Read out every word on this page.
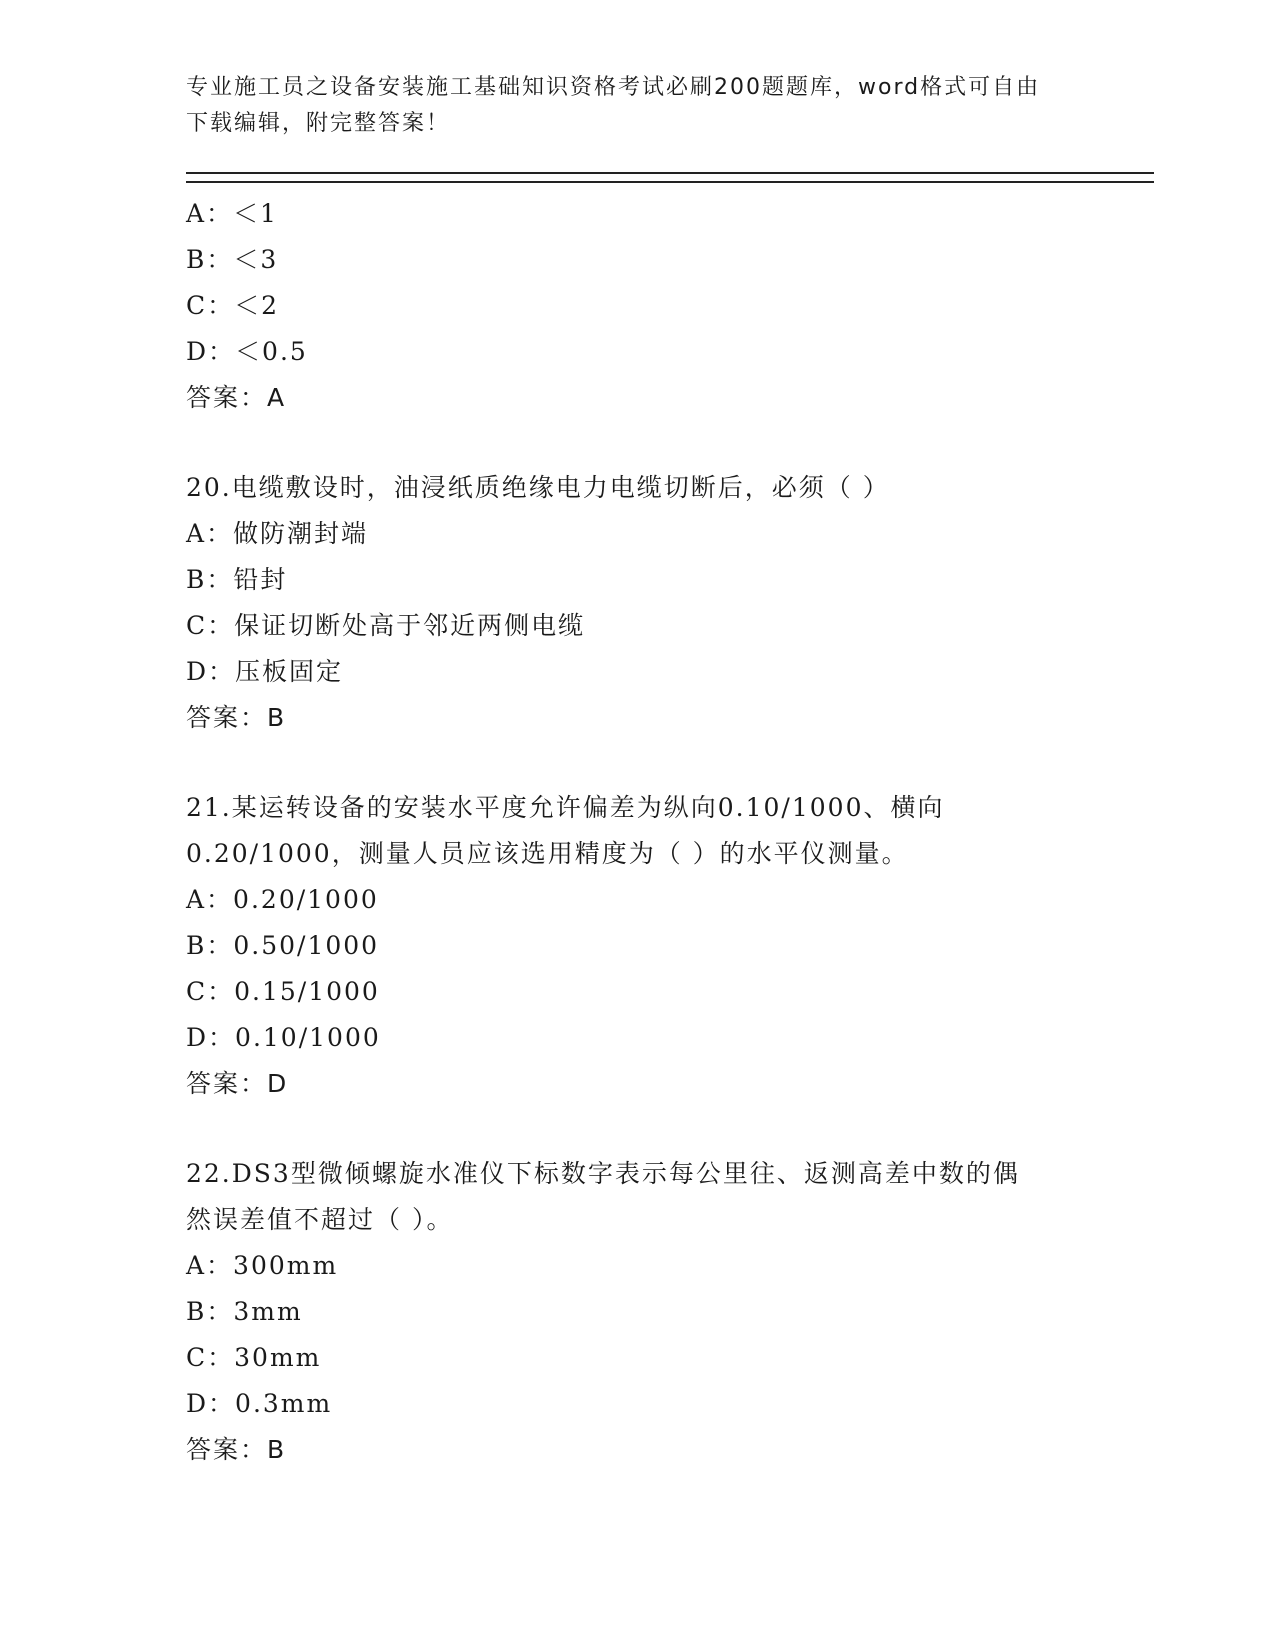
专业施工员之设备安装施工基础知识资格考试必刷200题题库，word格式可自由
下载编辑，附完整答案！

A：＜1
B：＜3
C：＜2
D：＜0.5
答案：A
20.电缆敷设时，油浸纸质绝缘电力电缆切断后，必须（ ）
A：做防潮封端
B：铅封
C：保证切断处高于邻近两侧电缆
D：压板固定
答案：B
21.某运转设备的安装水平度允许偏差为纵向0.10/1000、横向
0.20/1000，测量人员应该选用精度为（ ）的水平仪测量。
A：0.20/1000
B：0.50/1000
C：0.15/1000
D：0.10/1000
答案：D
22.DS3型微倾螺旋水准仪下标数字表示每公里往、返测高差中数的偶
然误差值不超过（ ）。
A：300mm
B：3mm
C：30mm
D：0.3mm
答案：B
